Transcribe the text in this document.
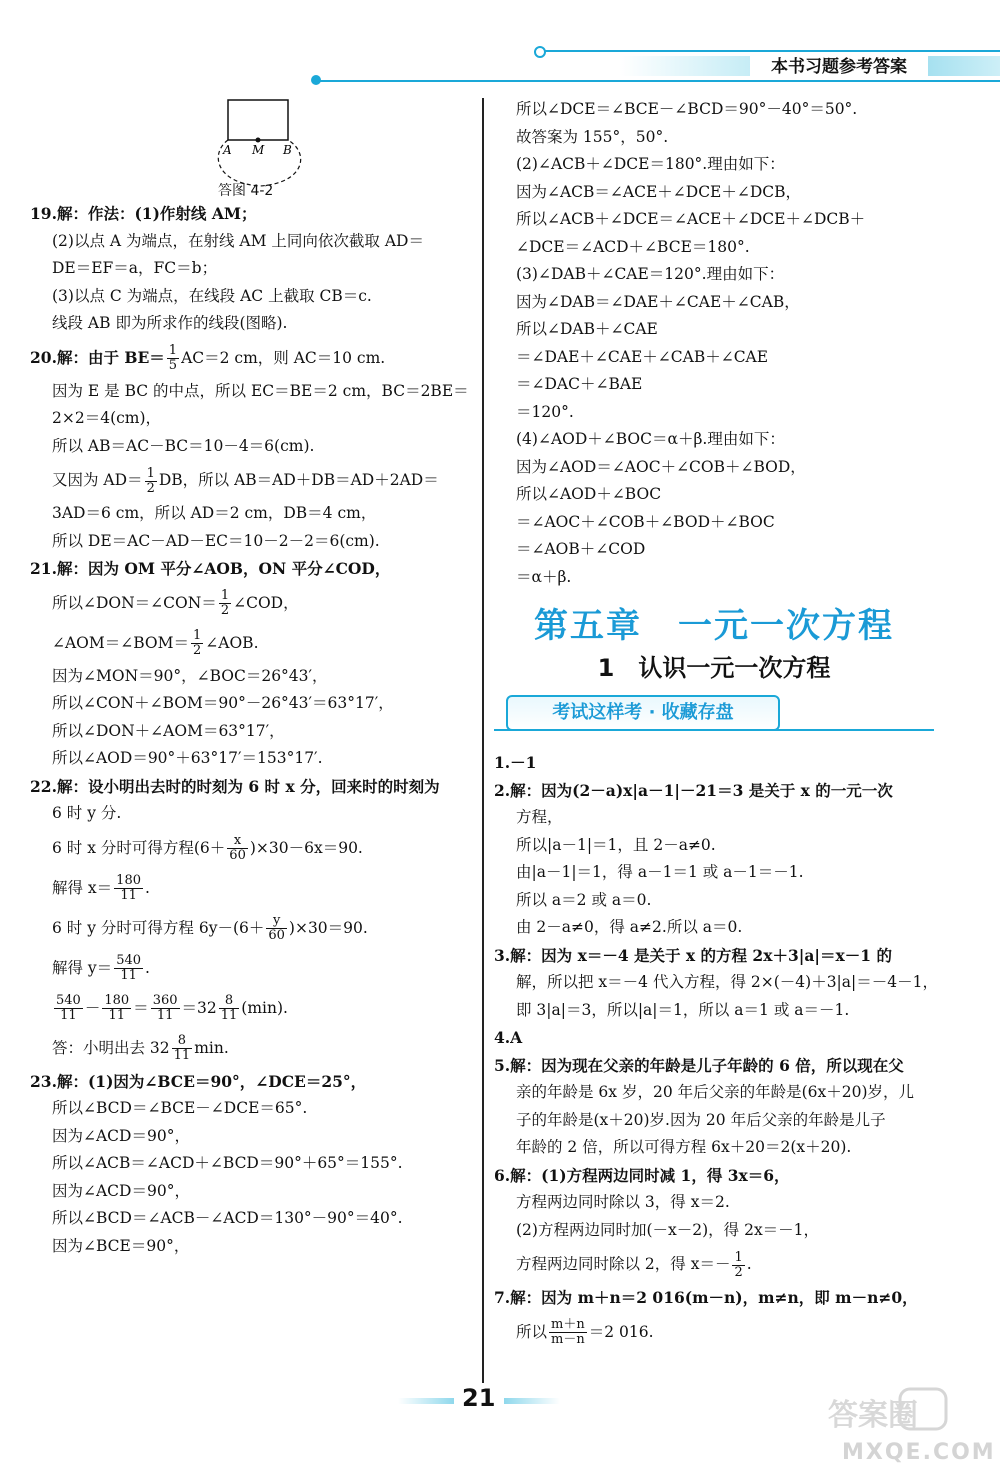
本书习题参考答案
A M B
答图 4-2
19.解：作法：(1)作射线 AM；
(2)以点 A 为端点，在射线 AM 上同向依次截取 AD＝
DE＝EF＝a，FC＝b；
(3)以点 C 为端点，在线段 AC 上截取 CB＝c.
线段 AB 即为所求作的线段(图略).
20.解：由于 $BE= \frac{1}{5} AC=2$ cm，则 AC＝10 cm.
因为 E 是 BC 的中点，所以 EC＝BE＝2 cm，BC＝2BE＝
2×2＝4(cm)，
所以 AB＝AC－BC＝10－4＝6(cm).
又因为 $AD= \frac{1}{2}$ DB，所以 AB＝AD＋DB＝AD＋2AD＝
3AD＝6 cm，所以 AD＝2 cm，DB＝4 cm，
所以 DE＝AC－AD－EC＝10－2－2＝6(cm).
21.解：因为 OM 平分∠AOB，ON 平分∠COD，
所以∠DON＝∠CON＝ $\frac{1}{2}$ ∠COD，
∠AOM＝∠BOM＝ $\frac{1}{2}$ ∠AOB.
因为∠MON＝90°，∠BOC＝26°43′，
所以∠CON＋∠BOM＝90°－26°43′＝63°17′，
所以∠DON＋∠AOM＝63°17′，
所以∠AOD＝90°＋63°17′＝153°17′.
22.解：设小明出去时的时刻为 6 时 x 分，回来时的时刻为
6 时 y 分.
6 时 x 分时可得方程$(6+ \frac{x}{60} )\times 30-6x=90$.
解得 $x= \frac{180}{11}$ .
6 时 y 分时可得方程 $6y-(6+ \frac{y}{60} )\times 30=90$.
解得 $y= \frac{540}{11}$ .
$\frac{540}{11} - \frac{180}{11} = \frac{360}{11} =32 \frac{8}{11} (\min)$.
答：小明出去 $32 \frac{8}{11} \min$.
23.解：(1)因为∠BCE＝90°，∠DCE＝25°，
所以∠BCD＝∠BCE－∠DCE＝65°.
因为∠ACD＝90°，
所以∠ACB＝∠ACD＋∠BCD＝90°＋65°＝155°.
因为∠ACD＝90°，
所以∠BCD＝∠ACB－∠ACD＝130°－90°＝40°.
因为∠BCE＝90°，
所以∠DCE＝∠BCE－∠BCD＝90°－40°＝50°.
故答案为 155°，50°.
(2)∠ACB＋∠DCE＝180°.理由如下：
因为∠ACB＝∠ACE＋∠DCE＋∠DCB，
所以∠ACB＋∠DCE＝∠ACE＋∠DCE＋∠DCB＋
∠DCE＝∠ACD＋∠BCE＝180°.
(3)∠DAB＋∠CAE＝120°.理由如下：
因为∠DAB＝∠DAE＋∠CAE＋∠CAB，
所以∠DAB＋∠CAE
＝∠DAE＋∠CAE＋∠CAB＋∠CAE
＝∠DAC＋∠BAE
＝120°.
(4)∠AOD＋∠BOC＝α＋β.理由如下：
因为∠AOD＝∠AOC＋∠COB＋∠BOD，
所以∠AOD＋∠BOC
＝∠AOC＋∠COB＋∠BOD＋∠BOC
＝∠AOB＋∠COD
＝α＋β.
第五章　一元一次方程
1　认识一元一次方程
考试这样考 · 收藏存盘
1.－1
2.解：因为(2－a)x|a－1|－21＝3 是关于 x 的一元一次
方程，
所以|a－1|＝1，且 2－a≠0.
由|a－1|＝1，得 a－1＝1 或 a－1＝－1.
所以 a＝2 或 a＝0.
由 2－a≠0，得 a≠2.所以 a＝0.
3.解：因为 x＝－4 是关于 x 的方程 2x＋3|a|＝x－1 的
解，所以把 x＝－4 代入方程，得 2×(－4)＋3|a|＝－4－1，
即 3|a|＝3，所以|a|＝1，所以 a＝1 或 a＝－1.
4.A
5.解：因为现在父亲的年龄是儿子年龄的 6 倍，所以现在父
亲的年龄是 6x 岁，20 年后父亲的年龄是(6x＋20)岁，儿
子的年龄是(x＋20)岁.因为 20 年后父亲的年龄是儿子
年龄的 2 倍，所以可得方程 6x＋20＝2(x＋20).
6.解：(1)方程两边同时减 1，得 3x＝6，
方程两边同时除以 3，得 x＝2.
(2)方程两边同时加(－x－2)，得 2x＝－1，
方程两边同时除以 2，得 $x=- \frac{1}{2}$ .
7.解：因为 m＋n＝2 016(m－n)，m≠n，即 m－n≠0，
所以 $\frac{m+n}{m-n} =2$ 016.
21	答案圈
MXQE.COM
